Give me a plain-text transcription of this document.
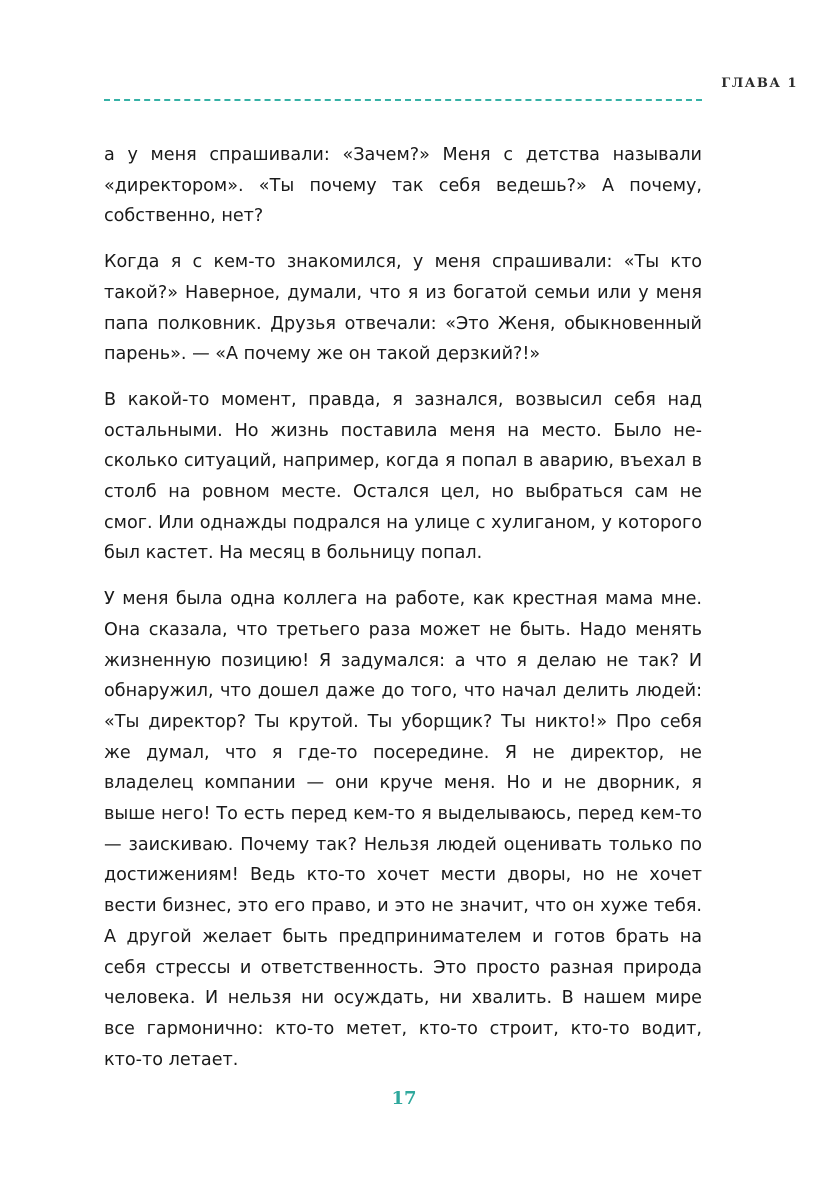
ГЛАВА 1

а у меня спрашивали: «Зачем?» Меня с детства называли «директором». «Ты почему так себя ведешь?» А почему, собственно, нет?

Когда я с кем-то знакомился, у меня спрашивали: «Ты кто такой?» Наверное, думали, что я из богатой семьи или у меня папа полковник. Друзья отвечали: «Это Женя, обыкновенный парень». — «А почему же он такой дерзкий?!»

В какой-то момент, правда, я зазнался, возвысил себя над остальными. Но жизнь поставила меня на место. Было несколько ситуаций, например, когда я попал в аварию, въехал в столб на ровном месте. Остался цел, но выбраться сам не смог. Или однажды подрался на улице с хулиганом, у которого был кастет. На месяц в больницу попал.

У меня была одна коллега на работе, как крестная мама мне. Она сказала, что третьего раза может не быть. Надо менять жизненную позицию! Я задумался: а что я делаю не так? И обнаружил, что дошел даже до того, что начал делить людей: «Ты директор? Ты крутой. Ты уборщик? Ты никто!» Про себя же думал, что я где-то посередине. Я не директор, не владелец компании — они круче меня. Но и не дворник, я выше него! То есть перед кем-то я выделываюсь, перед кем-то — заискиваю. Почему так? Нельзя людей оценивать только по достижениям! Ведь кто-то хочет мести дворы, но не хочет вести бизнес, это его право, и это не значит, что он хуже тебя. А другой желает быть предпринимателем и готов брать на себя стрессы и ответственность. Это просто разная природа человека. И нельзя ни осуждать, ни хвалить. В нашем мире все гармонично: кто-то метет, кто-то строит, кто-то водит, кто-то летает.

17
